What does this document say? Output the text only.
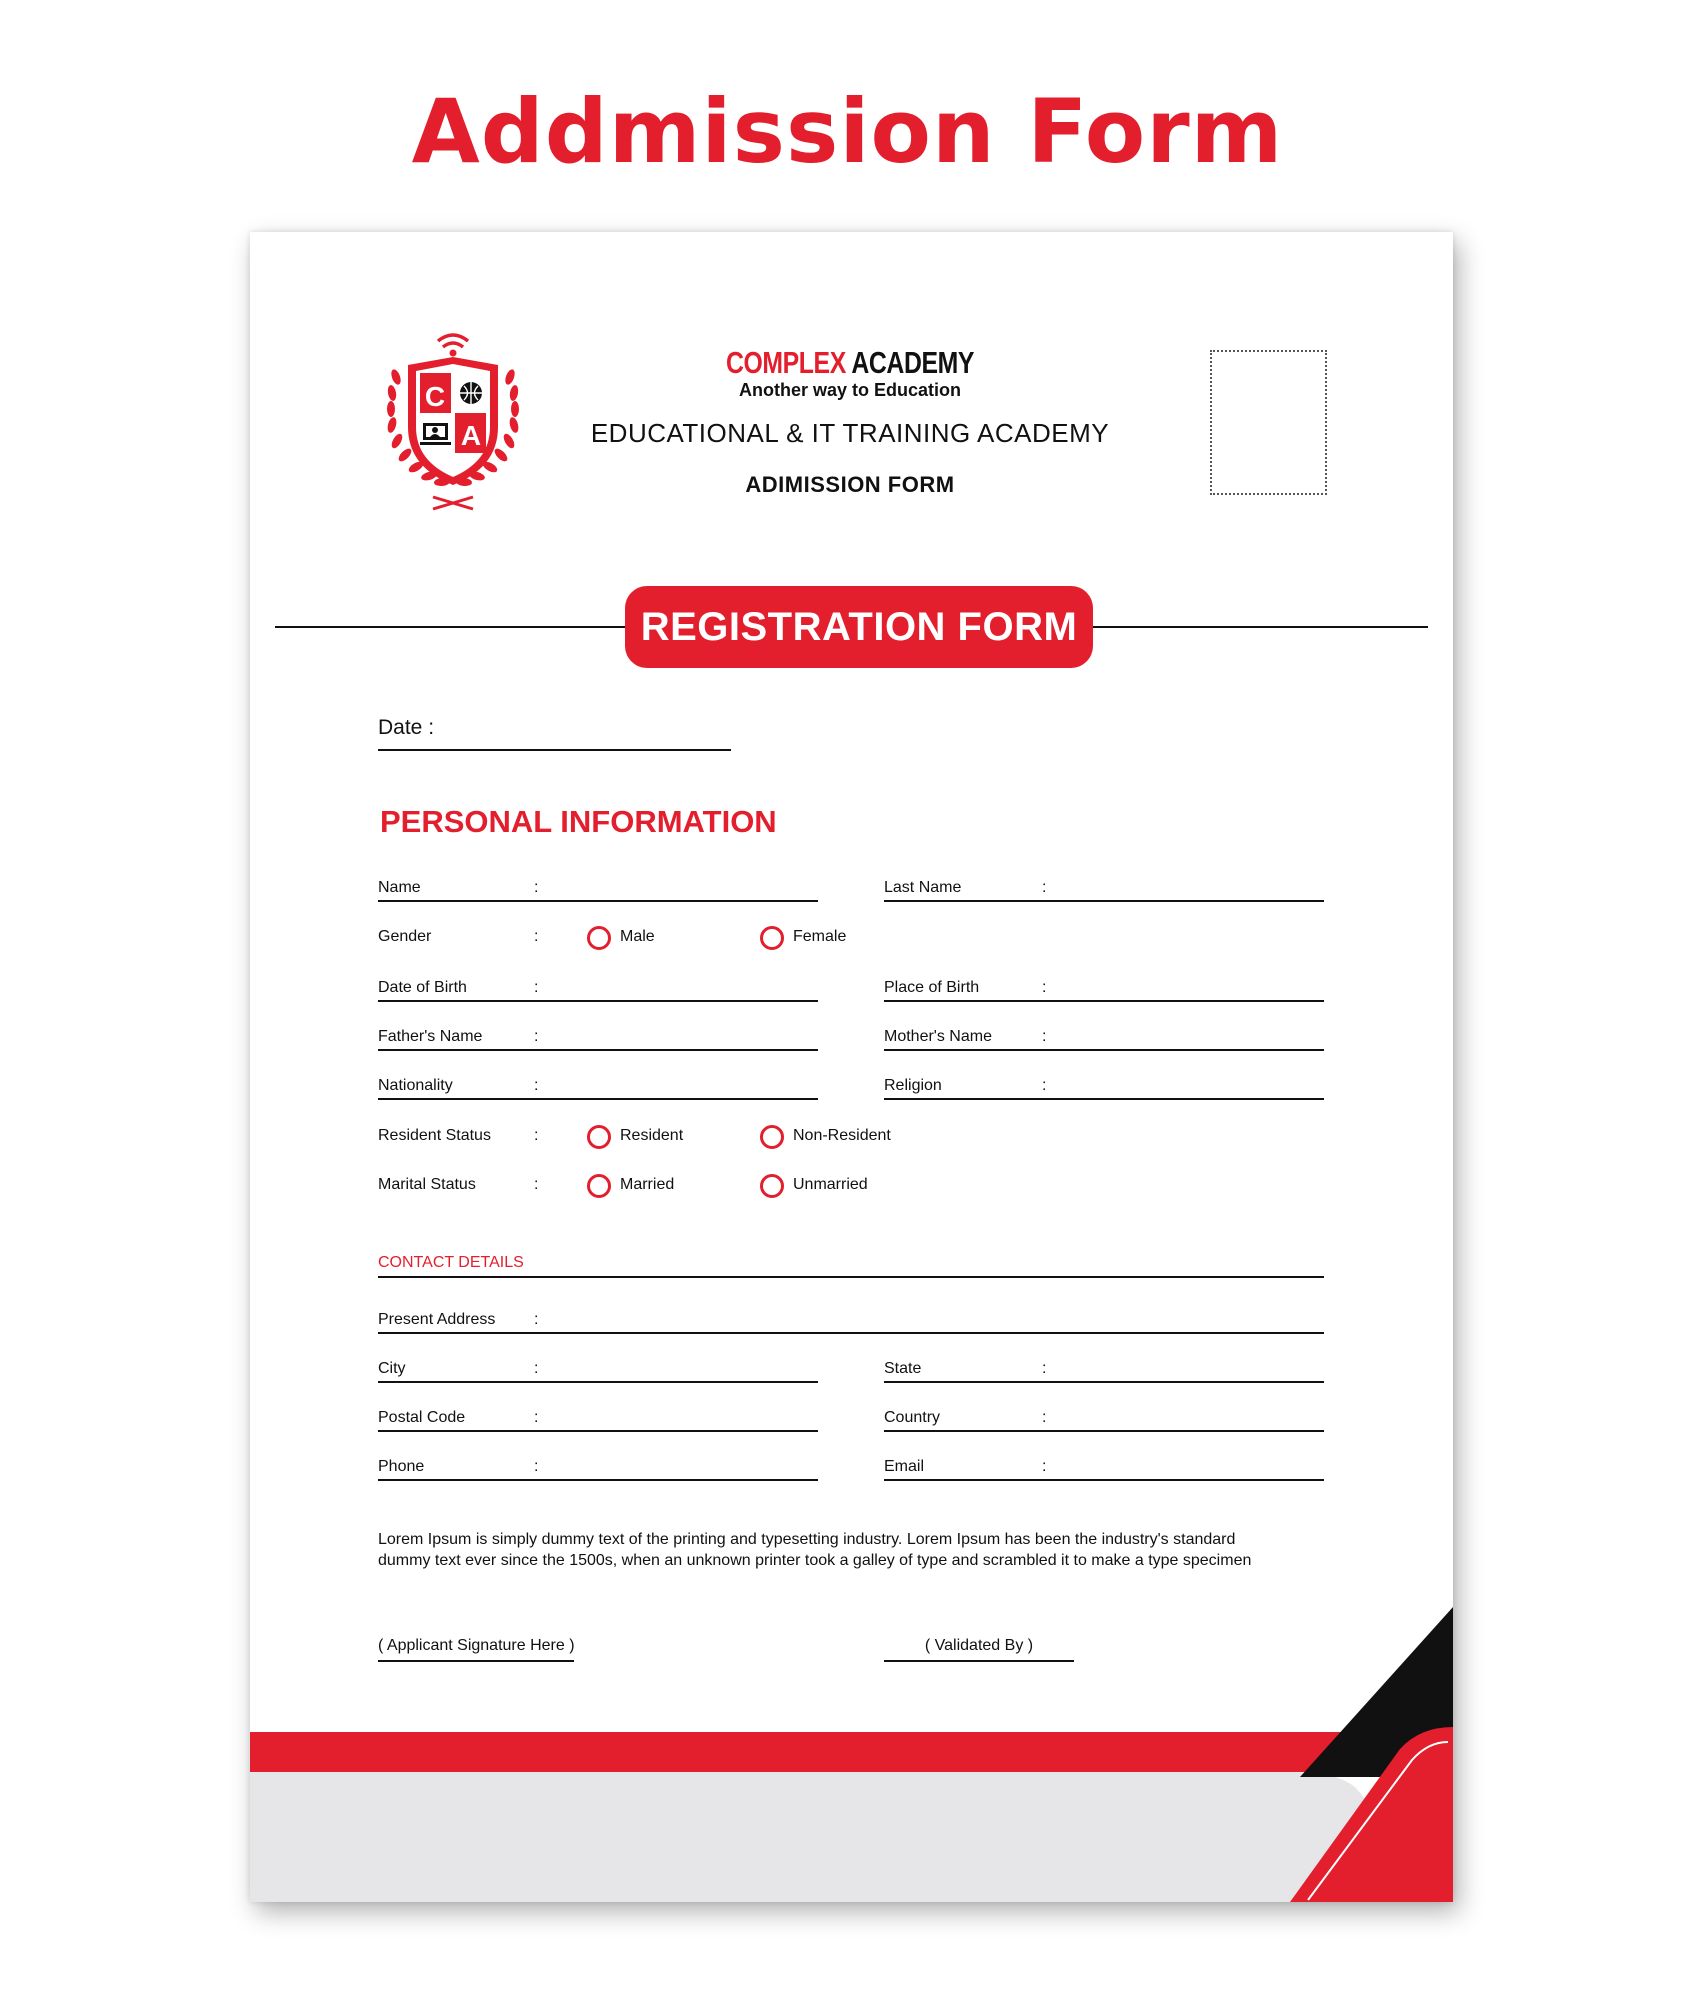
Addmission Form
C
A
COMPLEX ACADEMY
Another way to Education
EDUCATIONAL & IT TRAINING ACADEMY
ADIMISSION FORM
REGISTRATION FORM
Date :
PERSONAL INFORMATION
Name	:	Last Name	:
Gender	:	Male	Female
Date of Birth	:	Place of Birth	:
Father's Name	:	Mother's Name	:
Nationality	:	Religion	:
Resident Status	:	Resident	Non-Resident
Marital Status	:	Married	Unmarried
CONTACT DETAILS
Present Address :
City	:	State	:
Postal Code	:	Country	:
Phone	:	Email	:
Lorem Ipsum is simply dummy text of the printing and typesetting industry. Lorem Ipsum has been the industry's standard
dummy text ever since the 1500s, when an unknown printer took a galley of type and scrambled it to make a type specimen
( Applicant Signature Here )	( Validated By )
